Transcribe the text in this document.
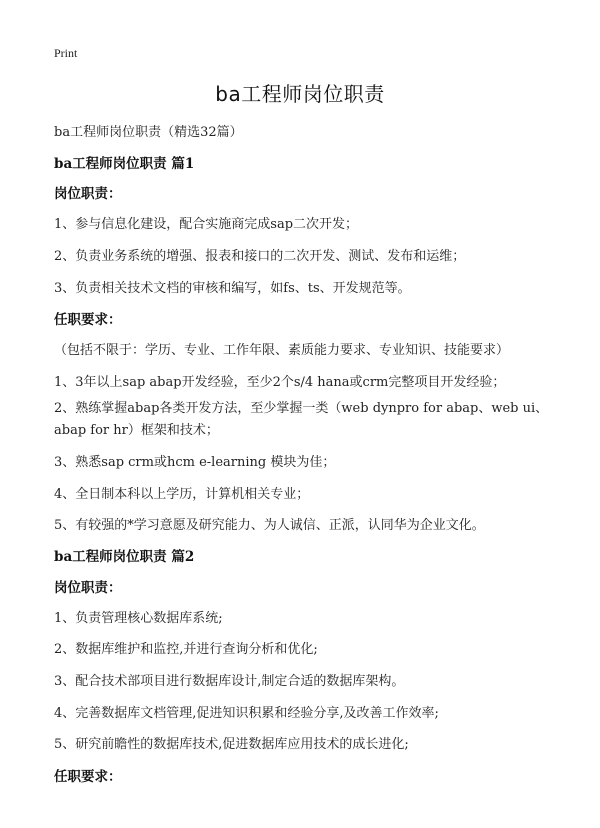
Print
ba工程师岗位职责
ba工程师岗位职责（精选32篇）
ba工程师岗位职责 篇1
岗位职责：
1、参与信息化建设，配合实施商完成sap二次开发；
2、负责业务系统的增强、报表和接口的二次开发、测试、发布和运维；
3、负责相关技术文档的审核和编写，如fs、ts、开发规范等。
任职要求：
（包括不限于：学历、专业、工作年限、素质能力要求、专业知识、技能要求）
1、3年以上sap abap开发经验，至少2个s/4 hana或crm完整项目开发经验；
2、熟练掌握abap各类开发方法，至少掌握一类（web dynpro for abap、web ui、abap for hr）框架和技术；
3、熟悉sap crm或hcm e-learning 模块为佳；
4、全日制本科以上学历，计算机相关专业；
5、有较强的*学习意愿及研究能力、为人诚信、正派，认同华为企业文化。
ba工程师岗位职责 篇2
岗位职责：
1、负责管理核心数据库系统;
2、数据库维护和监控,并进行查询分析和优化;
3、配合技术部项目进行数据库设计,制定合适的数据库架构。
4、完善数据库文档管理,促进知识积累和经验分享,及改善工作效率;
5、研究前瞻性的数据库技术,促进数据库应用技术的成长进化;
任职要求：
